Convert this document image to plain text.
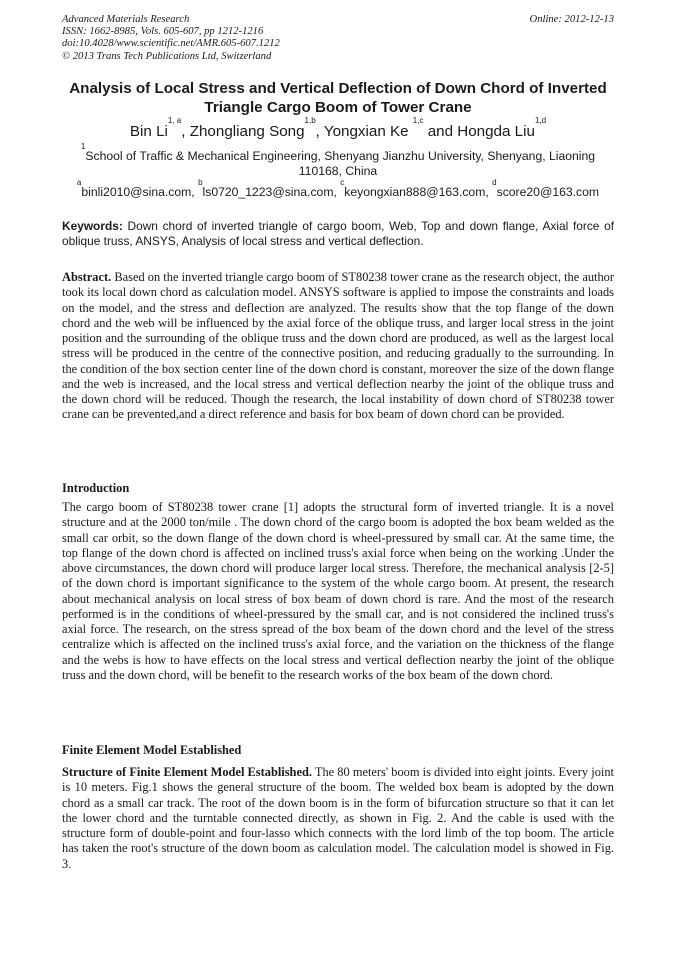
Advanced Materials Research
ISSN: 1662-8985, Vols. 605-607, pp 1212-1216
doi:10.4028/www.scientific.net/AMR.605-607.1212
© 2013 Trans Tech Publications Ltd, Switzerland
Online: 2012-12-13
Analysis of Local Stress and Vertical Deflection of Down Chord of Inverted Triangle Cargo Boom of Tower Crane
Bin Li$^{1, a}$, Zhongliang Song$^{1,b}$, Yongxian Ke $^{1,c}$ and Hongda Liu$^{1,d}$
$^1$School of Traffic & Mechanical Engineering, Shenyang Jianzhu University, Shenyang, Liaoning 110168, China
$^a$binli2010@sina.com, $^b$ls0720_1223@sina.com, $^c$keyongxian888@163.com, $^d$score20@163.com
Keywords: Down chord of inverted triangle of cargo boom, Web, Top and down flange, Axial force of oblique truss, ANSYS, Analysis of local stress and vertical deflection.
Abstract. Based on the inverted triangle cargo boom of ST80238 tower crane as the research object, the author took its local down chord as calculation model. ANSYS software is applied to impose the constraints and loads on the model, and the stress and deflection are analyzed. The results show that the top flange of the down chord and the web will be influenced by the axial force of the oblique truss, and larger local stress in the joint position and the surrounding of the oblique truss and the down chord are produced, as well as the largest local stress will be produced in the centre of the connective position, and reducing gradually to the surrounding. In the condition of the box section center line of the down chord is constant, moreover the size of the down flange and the web is increased, and the local stress and vertical deflection nearby the joint of the oblique truss and the down chord will be reduced. Though the research, the local instability of down chord of ST80238 tower crane can be prevented,and a direct reference and basis for box beam of down chord can be provided.
Introduction
The cargo boom of ST80238 tower crane [1] adopts the structural form of inverted triangle. It is a novel structure and at the 2000 ton/mile . The down chord of the cargo boom is adopted the box beam welded as the small car orbit, so the down flange of the down chord is wheel-pressured by small car. At the same time, the top flange of the down chord is affected on inclined truss's axial force when being on the working .Under the above circumstances, the down chord will produce larger local stress. Therefore, the mechanical analysis [2-5] of the down chord is important significance to the system of the whole cargo boom. At present, the research about mechanical analysis on local stress of box beam of down chord is rare. And the most of the research performed is in the conditions of wheel-pressured by the small car, and is not considered the inclined truss's axial force. The research, on the stress spread of the box beam of the down chord and the level of the stress centralize which is affected on the inclined truss's axial force, and the variation on the thickness of the flange and the webs is how to have effects on the local stress and vertical deflection nearby the joint of the oblique truss and the down chord, will be benefit to the research works of the box beam of the down chord.
Finite Element Model Established
Structure of Finite Element Model Established. The 80 meters' boom is divided into eight joints. Every joint is 10 meters. Fig.1 shows the general structure of the boom. The welded box beam is adopted by the down chord as a small car track. The root of the down boom is in the form of bifurcation structure so that it can let the lower chord and the turntable connected directly, as shown in Fig. 2. And the cable is used with the structure form of double-point and four-lasso which connects with the lord limb of the top boom. The article has taken the root's structure of the down boom as calculation model. The calculation model is showed in Fig. 3.
